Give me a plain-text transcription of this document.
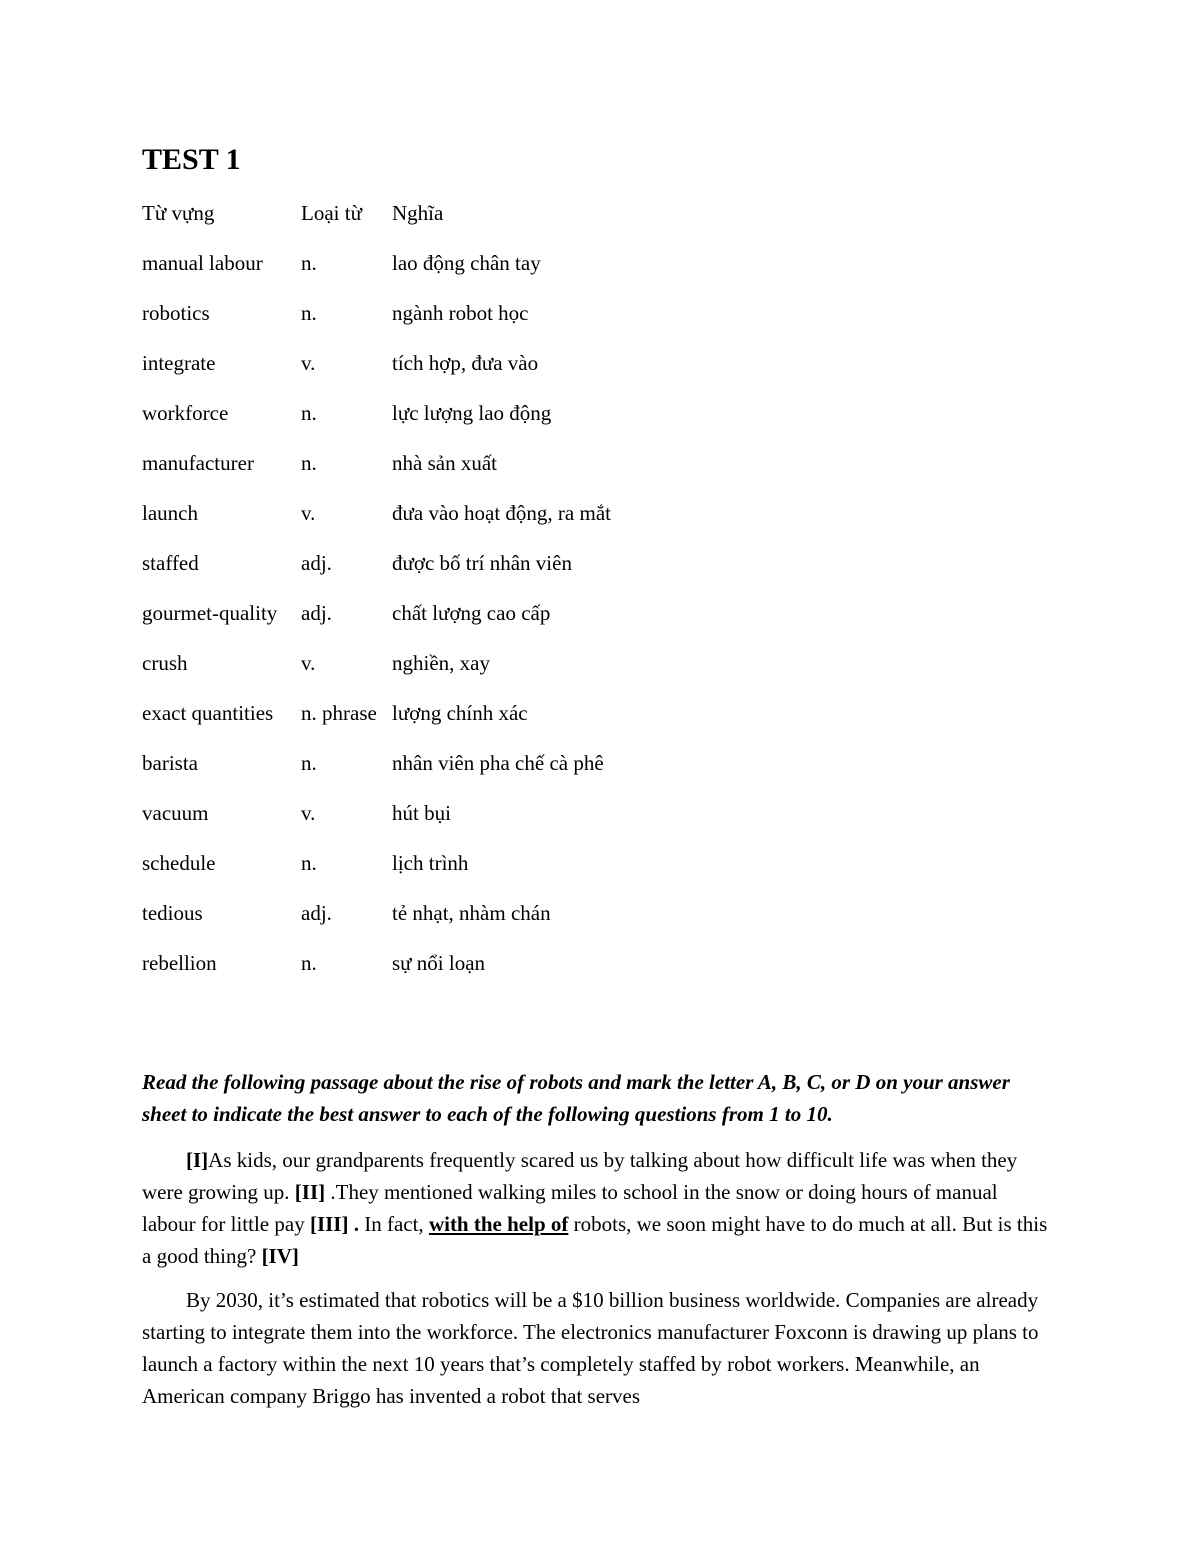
TEST 1
Từ vựng	Loại từ	Nghĩa
manual labour	n.	lao động chân tay
robotics	n.	ngành robot học
integrate	v.	tích hợp, đưa vào
workforce	n.	lực lượng lao động
manufacturer	n.	nhà sản xuất
launch	v.	đưa vào hoạt động, ra mắt
staffed	adj.	được bố trí nhân viên
gourmet-quality	adj.	chất lượng cao cấp
crush	v.	nghiền, xay
exact quantities	n. phrase	lượng chính xác
barista	n.	nhân viên pha chế cà phê
vacuum	v.	hút bụi
schedule	n.	lịch trình
tedious	adj.	tẻ nhạt, nhàm chán
rebellion	n.	sự nổi loạn
Read the following passage about the rise of robots and mark the letter A, B, C, or D on your answer sheet to indicate the best answer to each of the following questions from 1 to 10.

[I]As kids, our grandparents frequently scared us by talking about how difficult life was when they were growing up. [II] .They mentioned walking miles to school in the snow or doing hours of manual labour for little pay [III] . In fact, with the help of robots, we soon might have to do much at all. But is this a good thing? [IV]

By 2030, it’s estimated that robotics will be a $10 billion business worldwide. Companies are already starting to integrate them into the workforce. The electronics manufacturer Foxconn is drawing up plans to launch a factory within the next 10 years that’s completely staffed by robot workers. Meanwhile, an American company Briggo has invented a robot that serves
